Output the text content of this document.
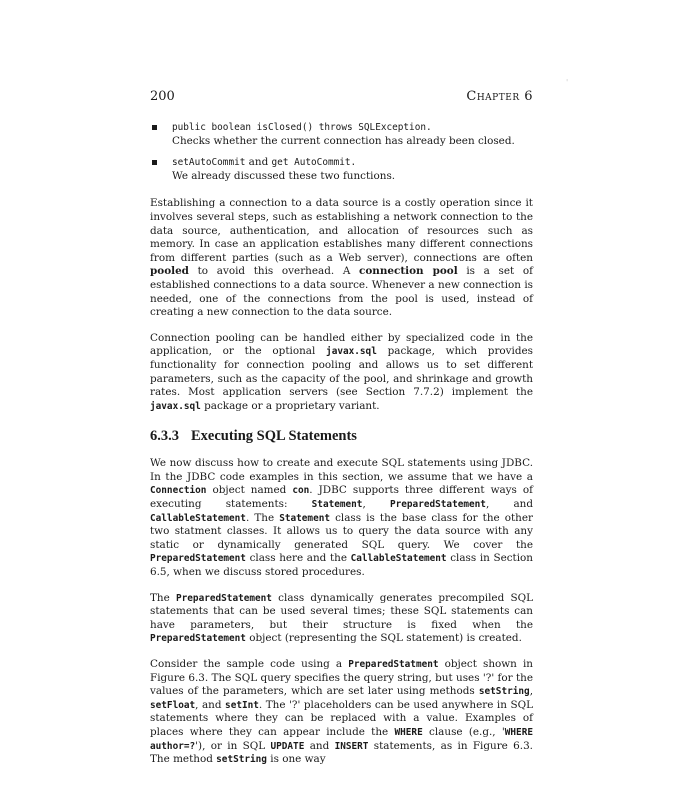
'
200	Chapter 6
public boolean isClosed() throws SQLException.
Checks whether the current connection has already been closed.
setAutoCommit and get AutoCommit.
We already discussed these two functions.

Establishing a connection to a data source is a costly operation since it involves several steps, such as establishing a network connection to the data source, authentication, and allocation of resources such as memory. In case an application establishes many different connections from different parties (such as a Web server), connections are often pooled to avoid this overhead. A connection pool is a set of established connections to a data source. Whenever a new connection is needed, one of the connections from the pool is used, instead of creating a new connection to the data source.

Connection pooling can be handled either by specialized code in the application, or the optional javax.sql package, which provides functionality for connection pooling and allows us to set different parameters, such as the capacity of the pool, and shrinkage and growth rates. Most application servers (see Section 7.7.2) implement the javax.sql package or a proprietary variant.

6.3.3 Executing SQL Statements

We now discuss how to create and execute SQL statements using JDBC. In the JDBC code examples in this section, we assume that we have a Connection object named con. JDBC supports three different ways of executing statements: Statement, PreparedStatement, and CallableStatement. The Statement class is the base class for the other two statment classes. It allows us to query the data source with any static or dynamically generated SQL query. We cover the PreparedStatement class here and the CallableStatement class in Section 6.5, when we discuss stored procedures.

The PreparedStatement class dynamically generates precompiled SQL statements that can be used several times; these SQL statements can have parameters, but their structure is fixed when the PreparedStatement object (representing the SQL statement) is created.

Consider the sample code using a PreparedStatment object shown in Figure 6.3. The SQL query specifies the query string, but uses '?' for the values of the parameters, which are set later using methods setString, setFloat, and setInt. The '?' placeholders can be used anywhere in SQL statements where they can be replaced with a value. Examples of places where they can appear include the WHERE clause (e.g., 'WHERE author=?'), or in SQL UPDATE and INSERT statements, as in Figure 6.3. The method setString is one way
